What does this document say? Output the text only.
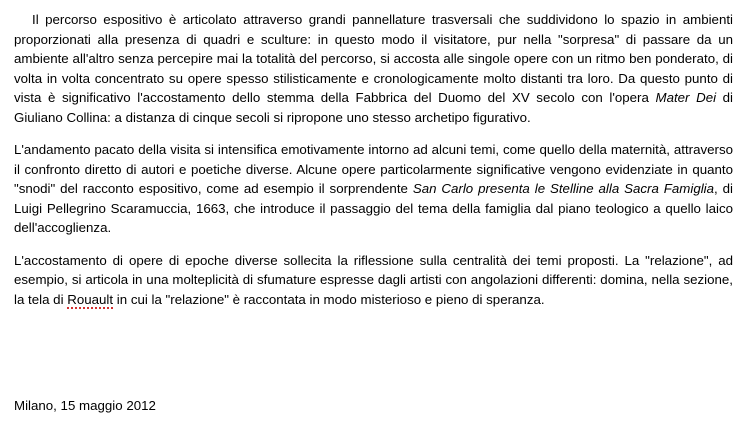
Il percorso espositivo è articolato attraverso grandi pannellature trasversali che suddividono lo spazio in ambienti proporzionati alla presenza di quadri e sculture: in questo modo il visitatore, pur nella "sorpresa" di passare da un ambiente all'altro senza percepire mai la totalità del percorso, si accosta alle singole opere con un ritmo ben ponderato, di volta in volta concentrato su opere spesso stilisticamente e cronologicamente molto distanti tra loro. Da questo punto di vista è significativo l'accostamento dello stemma della Fabbrica del Duomo del XV secolo con l'opera Mater Dei di Giuliano Collina: a distanza di cinque secoli si ripropone uno stesso archetipo figurativo.

L'andamento pacato della visita si intensifica emotivamente intorno ad alcuni temi, come quello della maternità, attraverso il confronto diretto di autori e poetiche diverse. Alcune opere particolarmente significative vengono evidenziate in quanto "snodi" del racconto espositivo, come ad esempio il sorprendente San Carlo presenta le Stelline alla Sacra Famiglia, di Luigi Pellegrino Scaramuccia, 1663, che introduce il passaggio del tema della famiglia dal piano teologico a quello laico dell'accoglienza.

L'accostamento di opere di epoche diverse sollecita la riflessione sulla centralità dei temi proposti. La "relazione", ad esempio, si articola in una molteplicità di sfumature espresse dagli artisti con angolazioni differenti: domina, nella sezione, la tela di Rouault in cui la "relazione" è raccontata in modo misterioso e pieno di speranza.

Milano, 15 maggio 2012
